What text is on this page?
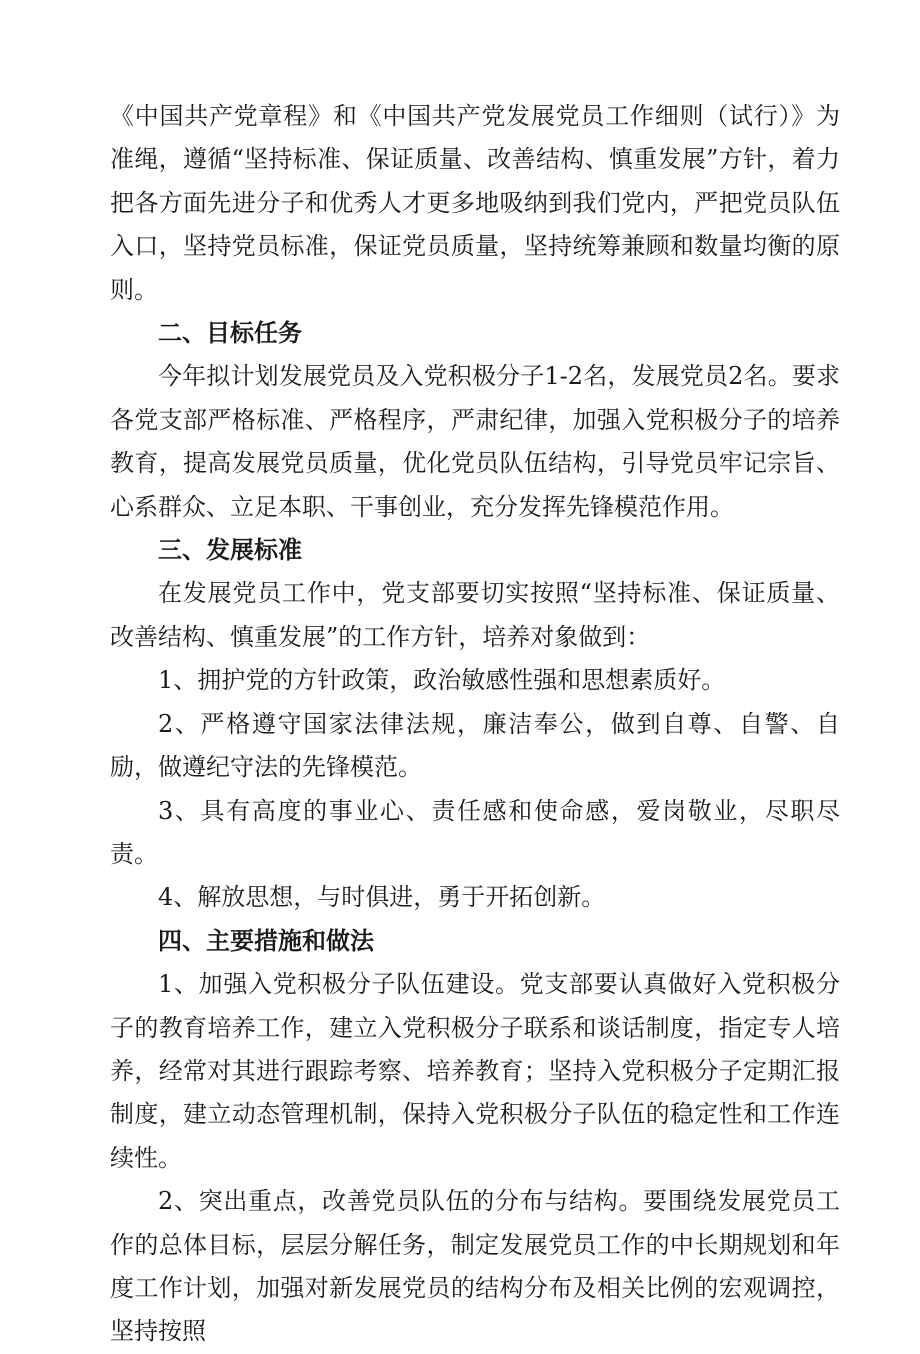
《中国共产党章程》和《中国共产党发展党员工作细则（试行）》为准绳，遵循“坚持标准、保证质量、改善结构、慎重发展”方针，着力把各方面先进分子和优秀人才更多地吸纳到我们党内，严把党员队伍入口，坚持党员标准，保证党员质量，坚持统筹兼顾和数量均衡的原则。

二、目标任务

今年拟计划发展党员及入党积极分子1-2名，发展党员2名。要求各党支部严格标准、严格程序，严肃纪律，加强入党积极分子的培养教育，提高发展党员质量，优化党员队伍结构，引导党员牢记宗旨、心系群众、立足本职、干事创业，充分发挥先锋模范作用。

三、发展标准

在发展党员工作中，党支部要切实按照“坚持标准、保证质量、改善结构、慎重发展”的工作方针，培养对象做到：

1、拥护党的方针政策，政治敏感性强和思想素质好。

2、严格遵守国家法律法规，廉洁奉公，做到自尊、自警、自励，做遵纪守法的先锋模范。

3、具有高度的事业心、责任感和使命感，爱岗敬业，尽职尽责。

4、解放思想，与时俱进，勇于开拓创新。

四、主要措施和做法

1、加强入党积极分子队伍建设。党支部要认真做好入党积极分子的教育培养工作，建立入党积极分子联系和谈话制度，指定专人培养，经常对其进行跟踪考察、培养教育；坚持入党积极分子定期汇报制度，建立动态管理机制，保持入党积极分子队伍的稳定性和工作连续性。

2、突出重点，改善党员队伍的分布与结构。要围绕发展党员工作的总体目标，层层分解任务，制定发展党员工作的中长期规划和年度工作计划，加强对新发展党员的结构分布及相关比例的宏观调控，坚持按照
